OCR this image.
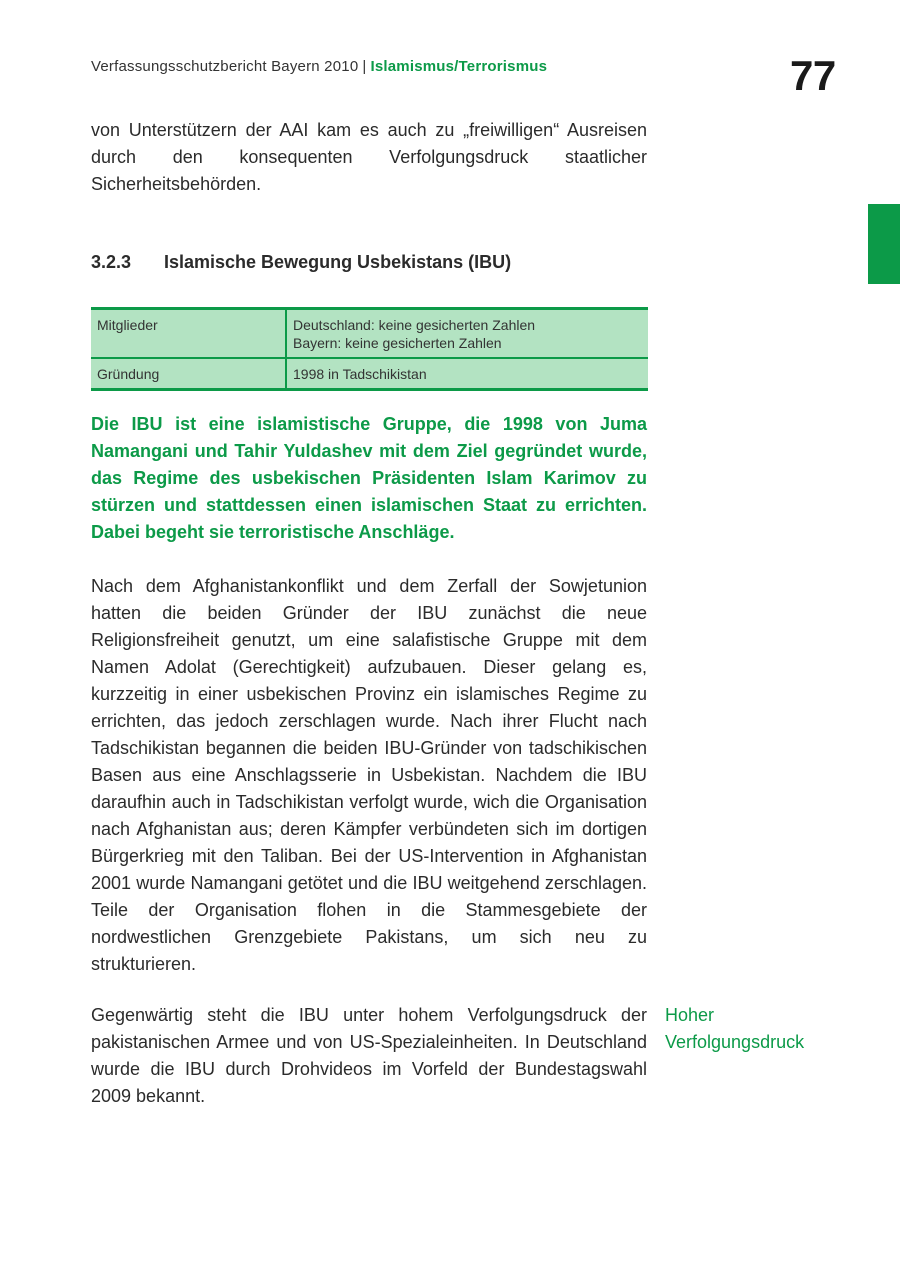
Verfassungsschutzbericht Bayern 2010 | Islamismus/Terrorismus	77

von Unterstützern der AAI kam es auch zu „freiwilligen“ Ausreisen durch den konsequenten Verfolgungsdruck staatlicher Sicherheitsbehörden.

3.2.3 Islamische Bewegung Usbekistans (IBU)
Mitglieder	Deutschland: keine gesicherten Zahlen
Bayern: keine gesicherten Zahlen

Gründung	1998 in Tadschikistan

Die IBU ist eine islamistische Gruppe, die 1998 von Juma Namangani und Tahir Yuldashev mit dem Ziel gegründet wurde, das Regime des usbekischen Präsidenten Islam Karimov zu stürzen und stattdessen einen islamischen Staat zu errichten. Dabei begeht sie terroristische Anschläge.

Nach dem Afghanistankonflikt und dem Zerfall der Sowjetunion hatten die beiden Gründer der IBU zunächst die neue Religionsfreiheit genutzt, um eine salafistische Gruppe mit dem Namen Adolat (Gerechtigkeit) aufzubauen. Dieser gelang es, kurzzeitig in einer usbekischen Provinz ein islamisches Regime zu errichten, das jedoch zerschlagen wurde. Nach ihrer Flucht nach Tadschikistan begannen die beiden IBU-Gründer von tadschikischen Basen aus eine Anschlagsserie in Usbekistan. Nachdem die IBU daraufhin auch in Tadschikistan verfolgt wurde, wich die Organisation nach Afghanistan aus; deren Kämpfer verbündeten sich im dortigen Bürgerkrieg mit den Taliban. Bei der US-Intervention in Afghanistan 2001 wurde Namangani getötet und die IBU weitgehend zerschlagen. Teile der Organisation flohen in die Stammesgebiete der nordwestlichen Grenzgebiete Pakistans, um sich neu zu strukturieren.

Gegenwärtig steht die IBU unter hohem Verfolgungsdruck der pakistanischen Armee und von US-Spezialeinheiten. In Deutschland wurde die IBU durch Drohvideos im Vorfeld der Bundestagswahl 2009 bekannt.

Hoher
Verfolgungsdruck
